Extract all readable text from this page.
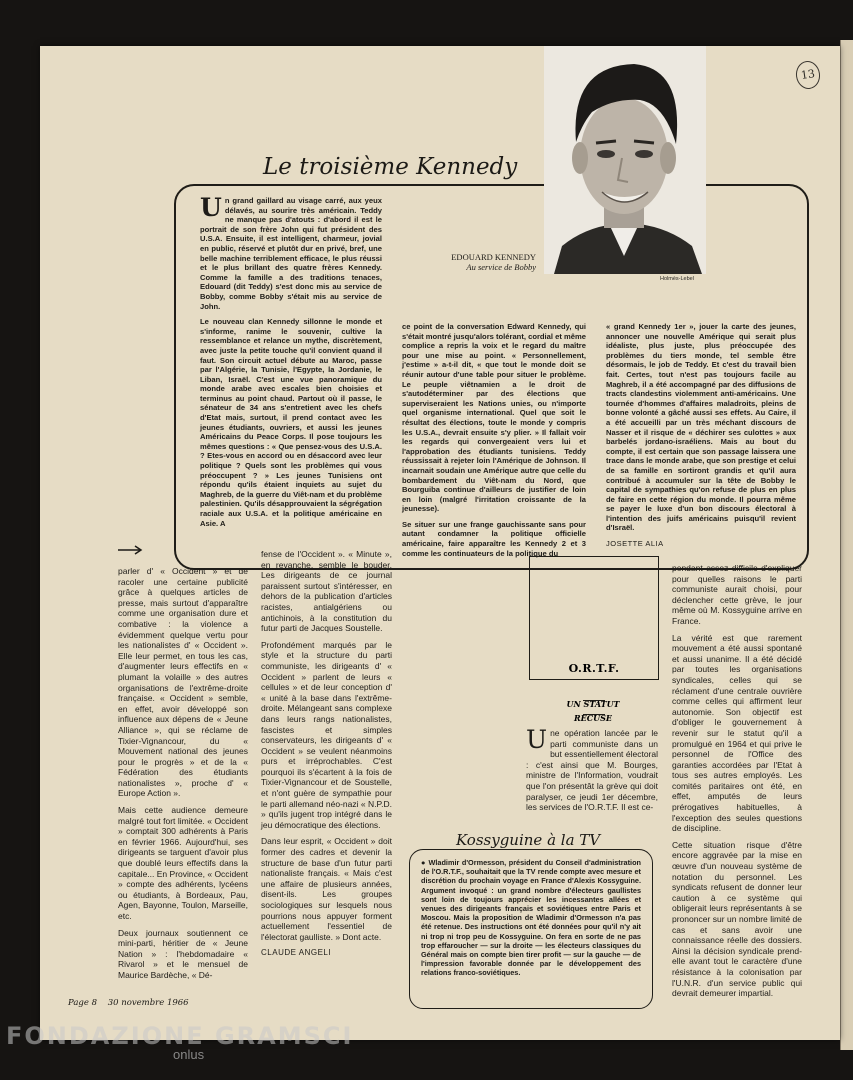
13
Le troisième Kennedy
EDOUARD KENNEDY
Au service de Bobby
Holmès-Lebel

Un grand gaillard au visage carré, aux yeux délavés, au sourire très américain. Teddy ne manque pas d'atouts : d'abord il est le portrait de son frère John qui fut président des U.S.A. Ensuite, il est intelligent, charmeur, jovial en public, réservé et plutôt dur en privé, bref, une belle machine terriblement efficace, le plus réussi et le plus brillant des quatre frères Kennedy. Comme la famille a des traditions tenaces, Edouard (dit Teddy) s'est donc mis au service de Bobby, comme Bobby s'était mis au service de John.

Le nouveau clan Kennedy sillonne le monde et s'informe, ranime le souvenir, cultive la ressemblance et relance un mythe, discrètement, avec juste la petite touche qu'il convient quand il faut. Son circuit actuel débute au Maroc, passe par l'Algérie, la Tunisie, l'Egypte, la Jordanie, le Liban, Israël. C'est une vue panoramique du monde arabe avec escales bien choisies et terminus au point chaud. Partout où il passe, le sénateur de 34 ans s'entretient avec les chefs d'Etat mais, surtout, il prend contact avec les jeunes étudiants, ouvriers, et aussi les jeunes Américains du Peace Corps. Il pose toujours les mêmes questions : « Que pensez-vous des U.S.A. ? Etes-vous en accord ou en désaccord avec leur politique ? Quels sont les problèmes qui vous préoccupent ? » Les jeunes Tunisiens ont répondu qu'ils étaient inquiets au sujet du Maghreb, de la guerre du Viêt-nam et du problème palestinien. Qu'ils désapprouvaient la ségrégation raciale aux U.S.A. et la politique américaine en Asie. A

ce point de la conversation Edward Kennedy, qui s'était montré jusqu'alors tolérant, cordial et même complice a repris la voix et le regard du maître pour une mise au point. « Personnellement, j'estime » a-t-il dit, « que tout le monde doit se réunir autour d'une table pour situer le problème. Le peuple viêtnamien a le droit de s'autodéterminer par des élections que superviseraient les Nations unies, ou n'importe quel organisme international. Quel que soit le résultat des élections, toute le monde y compris les U.S.A., devrait ensuite s'y plier. » Il fallait voir les regards qui convergeaient vers lui et l'approbation des étudiants tunisiens. Teddy réussissait à rejeter loin l'Amérique de Johnson. Il incarnait soudain une Amérique autre que celle du bombardement du Viêt-nam du Nord, que Bourguiba continue d'ailleurs de justifier de loin en loin (malgré l'irritation croissante de la jeunesse).

Se situer sur une frange gauchissante sans pour autant condamner la politique officielle américaine, faire apparaître les Kennedy 2 et 3 comme les continuateurs de la politique du

« grand Kennedy 1er », jouer la carte des jeunes, annoncer une nouvelle Amérique qui serait plus idéaliste, plus juste, plus préoccupée des problèmes du tiers monde, tel semble être désormais, le job de Teddy. Et c'est du travail bien fait. Certes, tout n'est pas toujours facile au Maghreb, il a été accompagné par des diffusions de tracts clandestins violemment anti-américains. Une tournée d'hommes d'affaires maladroits, pleins de bonne volonté a gâché aussi ses effets. Au Caire, il a été accueilli par un très méchant discours de Nasser et il risque de « déchirer ses culottes » aux barbelés jordano-israéliens. Mais au bout du compte, il est certain que son passage laissera une trace dans le monde arabe, que son prestige et celui de sa famille en sortiront grandis et qu'il aura contribué à accumuler sur la tête de Bobby le capital de sympathies qu'on refuse de plus en plus de faire en cette région du monde. Il pourra même se payer le luxe d'un bon discours électoral à l'intention des juifs américains puisqu'il revient d'Israël.

JOSETTE ALIA

parler d' « Occident » et de racoler une certaine publicité grâce à quelques articles de presse, mais surtout d'apparaître comme une organisation dure et combative : la violence a évidemment quelque vertu pour les nationalistes d' « Occident ». Elle leur permet, en tous les cas, d'augmenter leurs effectifs en « plumant la volaille » des autres organisations de l'extrême-droite française. « Occident » semble, en effet, avoir développé son influence aux dépens de « Jeune Alliance », qui se réclame de Tixier-Vignancour, du « Mouvement national des jeunes pour le progrès » et de la « Fédération des étudiants nationalistes », proche d' « Europe Action ».

Mais cette audience demeure malgré tout fort limitée. « Occident » comptait 300 adhérents à Paris en février 1966. Aujourd'hui, ses dirigeants se targuent d'avoir plus que doublé leurs effectifs dans la capitale... En Province, « Occident » compte des adhérents, lycéens ou étudiants, à Bordeaux, Pau, Agen, Bayonne, Toulon, Marseille, etc.

Deux journaux soutiennent ce mini-parti, héritier de « Jeune Nation » : l'hebdomadaire « Rivarol » et le mensuel de Maurice Bardèche, « Dé-

fense de l'Occident ». « Minute », en revanche, semble le bouder. Les dirigeants de ce journal paraissent surtout s'intéresser, en dehors de la publication d'articles racistes, antialgériens ou antichinois, à la constitution du futur parti de Jacques Soustelle.

Profondément marqués par le style et la structure du parti communiste, les dirigeants d' « Occident » parlent de leurs « cellules » et de leur conception d' « unité à la base dans l'extrême-droite. Mélangeant sans complexe dans leurs rangs nationalistes, fascistes et simples conservateurs, les dirigeants d' « Occident » se veulent néanmoins purs et irréprochables. C'est pourquoi ils s'écartent à la fois de Tixier-Vignancour et de Soustelle, et n'ont guère de sympathie pour le parti allemand néo-nazi « N.P.D. » qu'ils jugent trop intégré dans le jeu démocratique des élections.

Dans leur esprit, « Occident » doit former des cadres et devenir la structure de base d'un futur parti nationaliste français. « Mais c'est une affaire de plusieurs années, disent-ils. Les groupes sociologiques sur lesquels nous pourrions nous appuyer forment actuellement l'essentiel de l'électorat gaulliste. » Dont acte.

CLAUDE ANGELI

O.R.T.F.
UN STATUT
RECUSE

Une opération lancée par le parti communiste dans un but essentiellement électoral : c'est ainsi que M. Bourges, ministre de l'Information, voudrait que l'on présentât la grève qui doit paralyser, ce jeudi 1er décembre, les services de l'O.R.T.F. Il est ce-

pendant assez difficile d'expliquer pour quelles raisons le parti communiste aurait choisi, pour déclencher cette grève, le jour même où M. Kossyguine arrive en France.

La vérité est que rarement mouvement a été aussi spontané et aussi unanime. Il a été décidé par toutes les organisations syndicales, celles qui se réclament d'une centrale ouvrière comme celles qui affirment leur autonomie. Son objectif est d'obliger le gouvernement à revenir sur le statut qu'il a promulgué en 1964 et qui prive le personnel de l'Office des garanties accordées par l'Etat à tous ses autres employés. Les comités paritaires ont été, en effet, amputés de leurs prérogatives habituelles, à l'exception des seules questions de discipline.

Cette situation risque d'être encore aggravée par la mise en œuvre d'un nouveau système de notation du personnel. Les syndicats refusent de donner leur caution à ce système qui obligerait leurs représentants à se prononcer sur un nombre limité de cas et sans avoir une connaissance réelle des dossiers. Ainsi la décision syndicale prend-elle avant tout le caractère d'une résistance à la colonisation par l'U.N.R. d'un service public qui devrait demeurer impartial.

Kossyguine à la TV

● Wladimir d'Ormesson, président du Conseil d'administration de l'O.R.T.F., souhaitait que la TV rende compte avec mesure et discrétion du prochain voyage en France d'Alexis Kossyguine. Argument invoqué : un grand nombre d'électeurs gaullistes sont loin de toujours apprécier les incessantes allées et venues des dirigeants français et soviétiques entre Paris et Moscou. Mais la proposition de Wladimir d'Ormesson n'a pas été retenue. Des instructions ont été données pour qu'il n'y ait ni trop ni trop peu de Kossyguine. On fera en sorte de ne pas trop effaroucher — sur la droite — les électeurs classiques du Général mais on compte bien tirer profit — sur la gauche — de l'impression favorable donnée par le développement des relations franco-soviétiques.

Page 8 30 novembre 1966
FONDAZIONE GRAMSCI
onlus
